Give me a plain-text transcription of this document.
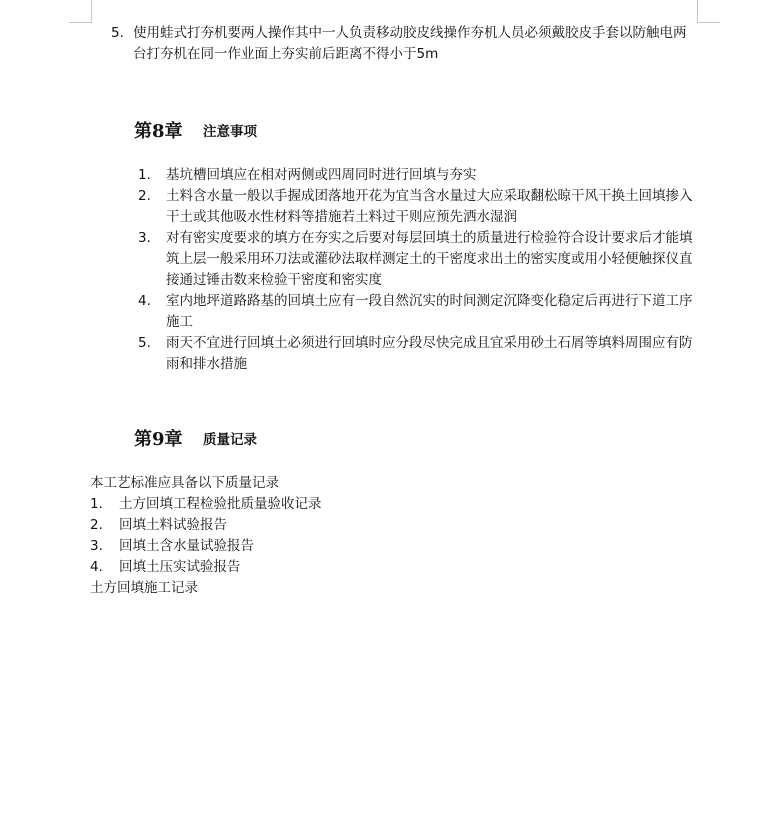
5. 使用蛙式打夯机要两人操作其中一人负责移动胶皮线操作夯机人员必须戴胶皮手套以防触电两台打夯机在同一作业面上夯实前后距离不得小于5m
第8章 注意事项
1. 基坑槽回填应在相对两侧或四周同时进行回填与夯实
2. 土料含水量一般以手握成团落地开花为宜当含水量过大应采取翻松晾干风干换土回填掺入干土或其他吸水性材料等措施若土料过干则应预先洒水湿润
3. 对有密实度要求的填方在夯实之后要对每层回填土的质量进行检验符合设计要求后才能填筑上层一般采用环刀法或灌砂法取样测定土的干密度求出土的密实度或用小轻便触探仪直接通过锤击数来检验干密度和密实度
4. 室内地坪道路路基的回填土应有一段自然沉实的时间测定沉降变化稳定后再进行下道工序施工
5. 雨天不宜进行回填土必须进行回填时应分段尽快完成且宜采用砂土石屑等填料周围应有防雨和排水措施
第9章 质量记录
本工艺标准应具备以下质量记录
1. 土方回填工程检验批质量验收记录
2. 回填土料试验报告
3. 回填土含水量试验报告
4. 回填土压实试验报告
土方回填施工记录
